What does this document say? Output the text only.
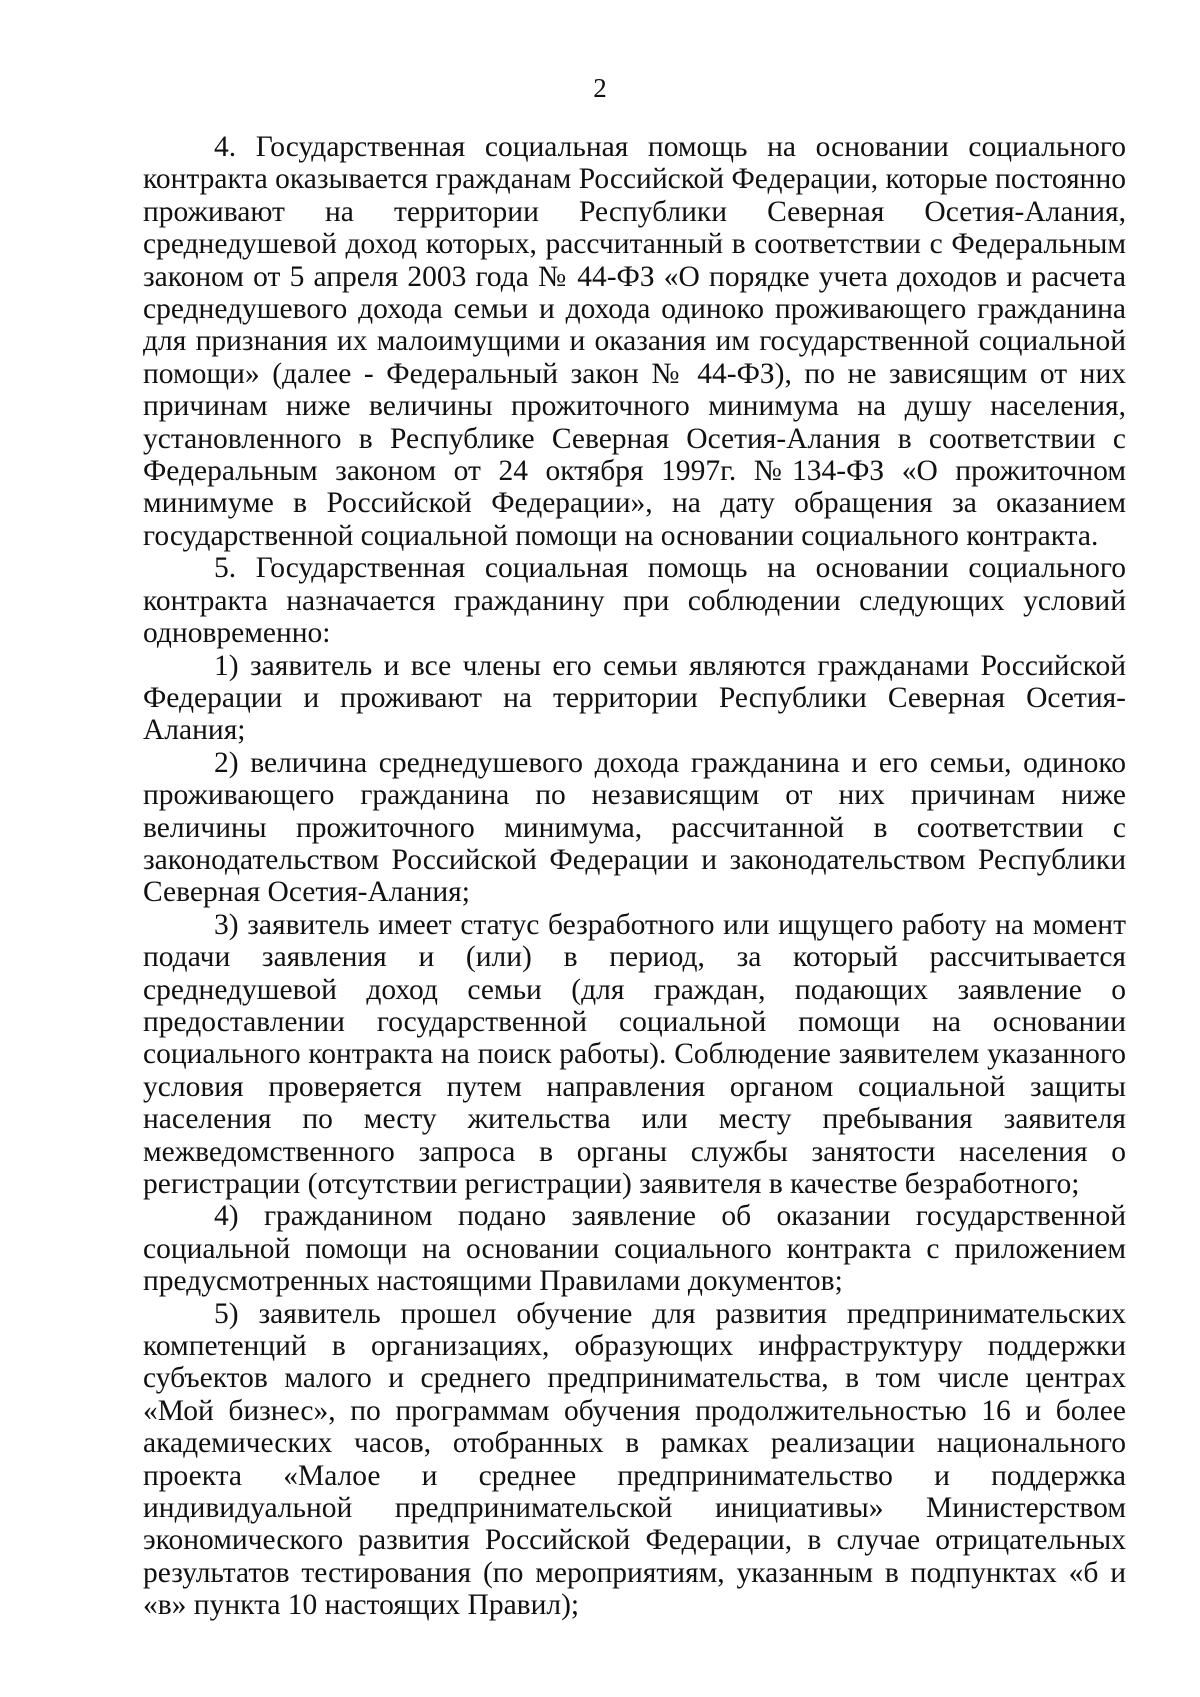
2

4. Государственная социальная помощь на основании социального контракта оказывается гражданам Российской Федерации, которые постоянно проживают на территории Республики Северная Осетия-Алания, среднедушевой доход которых, рассчитанный в соответствии с Федеральным законом от 5 апреля 2003 года № 44-ФЗ «О порядке учета доходов и расчета среднедушевого дохода семьи и дохода одиноко проживающего гражданина для признания их малоимущими и оказания им государственной социальной помощи» (далее - Федеральный закон № 44-ФЗ), по не зависящим от них причинам ниже величины прожиточного минимума на душу населения, установленного в Республике Северная Осетия-Алания в соответствии с Федеральным законом от 24 октября 1997г. №134-ФЗ «О прожиточном минимуме в Российской Федерации», на дату обращения за оказанием государственной социальной помощи на основании социального контракта.

5. Государственная социальная помощь на основании социального контракта назначается гражданину при соблюдении следующих условий одновременно:

1) заявитель и все члены его семьи являются гражданами Российской Федерации и проживают на территории Республики Северная Осетия-Алания;

2) величина среднедушевого дохода гражданина и его семьи, одиноко проживающего гражданина по независящим от них причинам ниже величины прожиточного минимума, рассчитанной в соответствии с законодательством Российской Федерации и законодательством Республики Северная Осетия-Алания;

3) заявитель имеет статус безработного или ищущего работу на момент подачи заявления и (или) в период, за который рассчитывается среднедушевой доход семьи (для граждан, подающих заявление о предоставлении государственной социальной помощи на основании социального контракта на поиск работы). Соблюдение заявителем указанного условия проверяется путем направления органом социальной защиты населения по месту жительства или месту пребывания заявителя межведомственного запроса в органы службы занятости населения о регистрации (отсутствии регистрации) заявителя в качестве безработного;

4) гражданином подано заявление об оказании государственной социальной помощи на основании социального контракта с приложением предусмотренных настоящими Правилами документов;

5) заявитель прошел обучение для развития предпринимательских компетенций в организациях, образующих инфраструктуру поддержки субъектов малого и среднего предпринимательства, в том числе центрах «Мой бизнес», по программам обучения продолжительностью 16 и более академических часов, отобранных в рамках реализации национального проекта «Малое и среднее предпринимательство и поддержка индивидуальной предпринимательской инициативы» Министерством экономического развития Российской Федерации, в случае отрицательных результатов тестирования (по мероприятиям, указанным в подпунктах «б и «в» пункта 10 настоящих Правил);
